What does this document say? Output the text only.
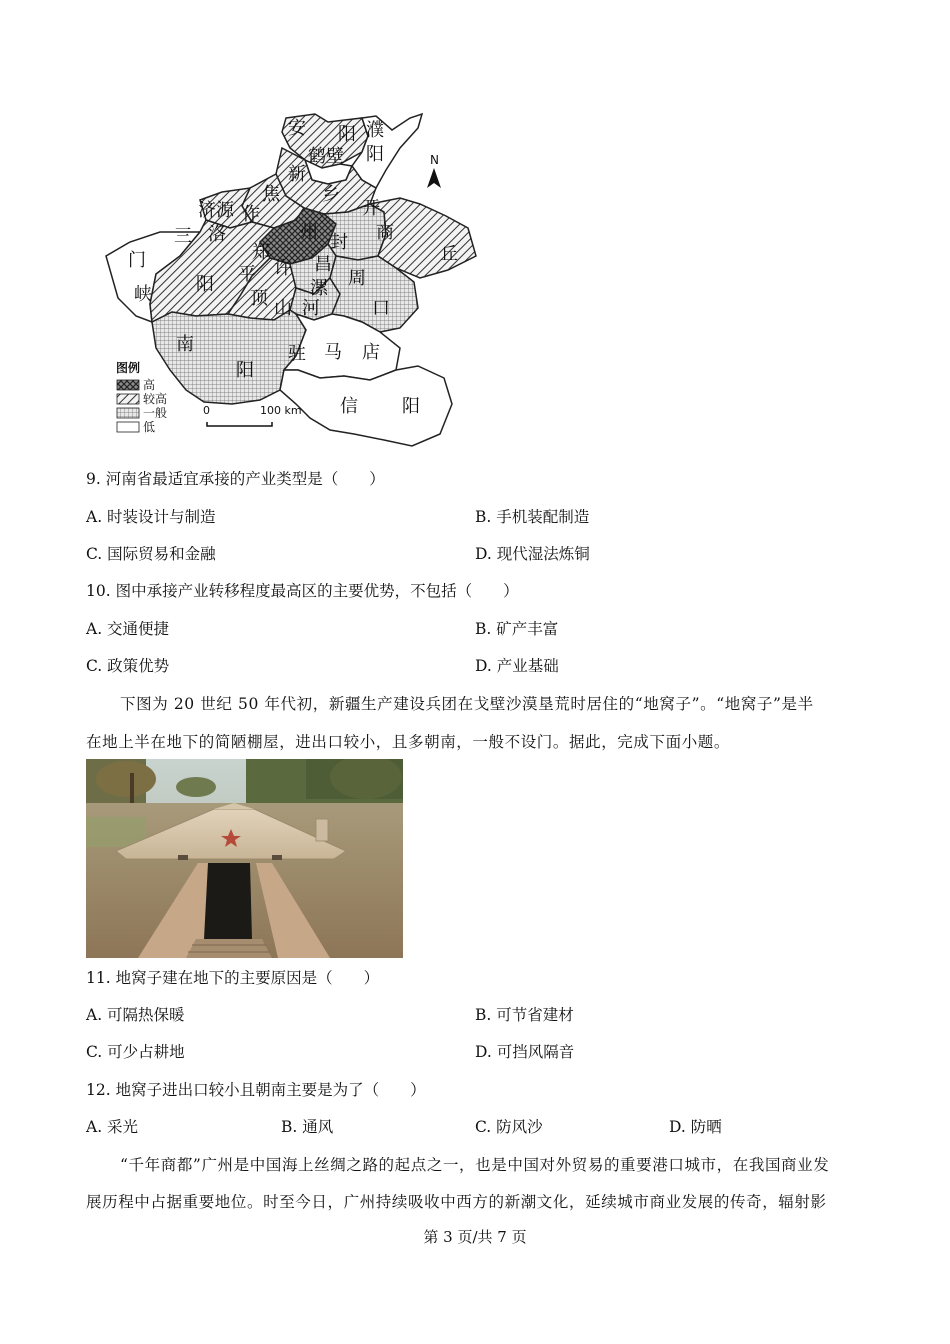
安 阳 濮
阳
鹤壁
新
乡
焦
作
济源	开
封 商
丘
三
门
峡
洛
阳
郑
州
平
顶 山
许 昌
漯
河
周
口
南
阳
驻 马 店
信 阳
N
图例
高
较高
一般
低
0	100 km
9. 河南省最适宜承接的产业类型是（　　）
A. 时装设计与制造	B. 手机装配制造
C. 国际贸易和金融	D. 现代湿法炼铜
10. 图中承接产业转移程度最高区的主要优势，不包括（　　）
A. 交通便捷	B. 矿产丰富
C. 政策优势	D. 产业基础
下图为 20 世纪 50 年代初，新疆生产建设兵团在戈壁沙漠垦荒时居住的“地窝子”。“地窝子”是半
在地上半在地下的简陋棚屋，进出口较小，且多朝南，一般不设门。据此，完成下面小题。
11. 地窝子建在地下的主要原因是（　　）
A. 可隔热保暖	B. 可节省建材
C. 可少占耕地	D. 可挡风隔音
12. 地窝子进出口较小且朝南主要是为了（　　）
A. 采光	B. 通风	C. 防风沙	D. 防晒
“千年商都”广州是中国海上丝绸之路的起点之一，也是中国对外贸易的重要港口城市，在我国商业发
展历程中占据重要地位。时至今日，广州持续吸收中西方的新潮文化，延续城市商业发展的传奇，辐射影
第 3 页/共 7 页
